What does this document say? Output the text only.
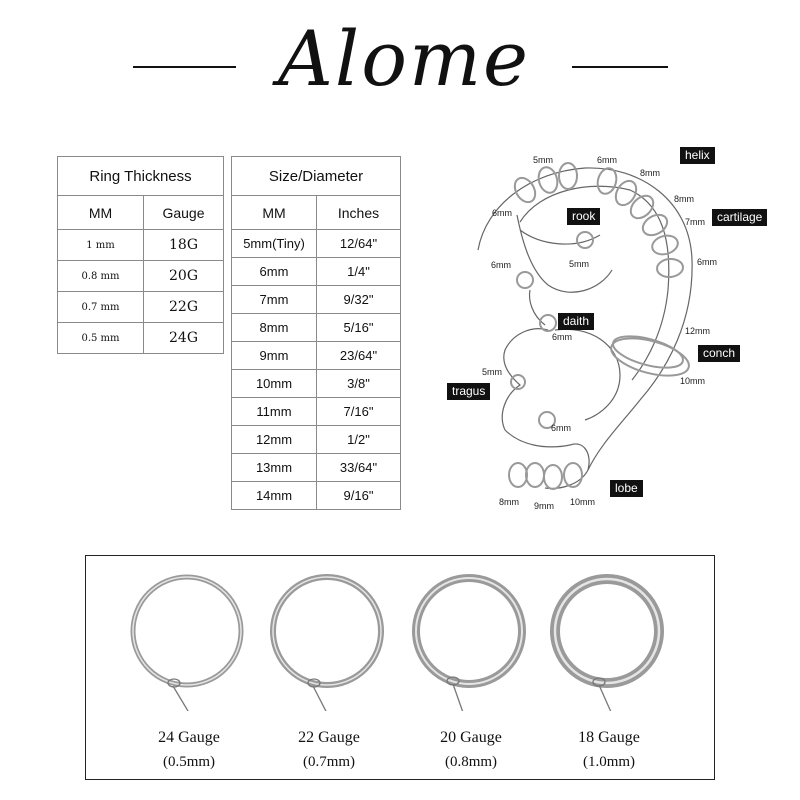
Alome
Ring Thickness	
MM	Gauge
1 mm	18G
0.8 mm	20G
0.7 mm	22G
0.5 mm	24G
Size/Diameter	
MM	Inches
5mm(Tiny)	12/64"
6mm	1/4"
7mm	9/32"
8mm	5/16"
9mm	23/64"
10mm	3/8"
11mm	7/16"
12mm	1/2"
13mm	33/64"
14mm	9/16"
helix
rook	cartilage
daith
conch
tragus
lobe
5mm	6mm
8mm
8mm
7mm
6mm
6mm
5mm
6mm
6mm
12mm
10mm
5mm
6mm
8mm 9mm 10mm
24 Gauge
(0.5mm)
22 Gauge
(0.7mm)
20 Gauge
(0.8mm)
18 Gauge
(1.0mm)
